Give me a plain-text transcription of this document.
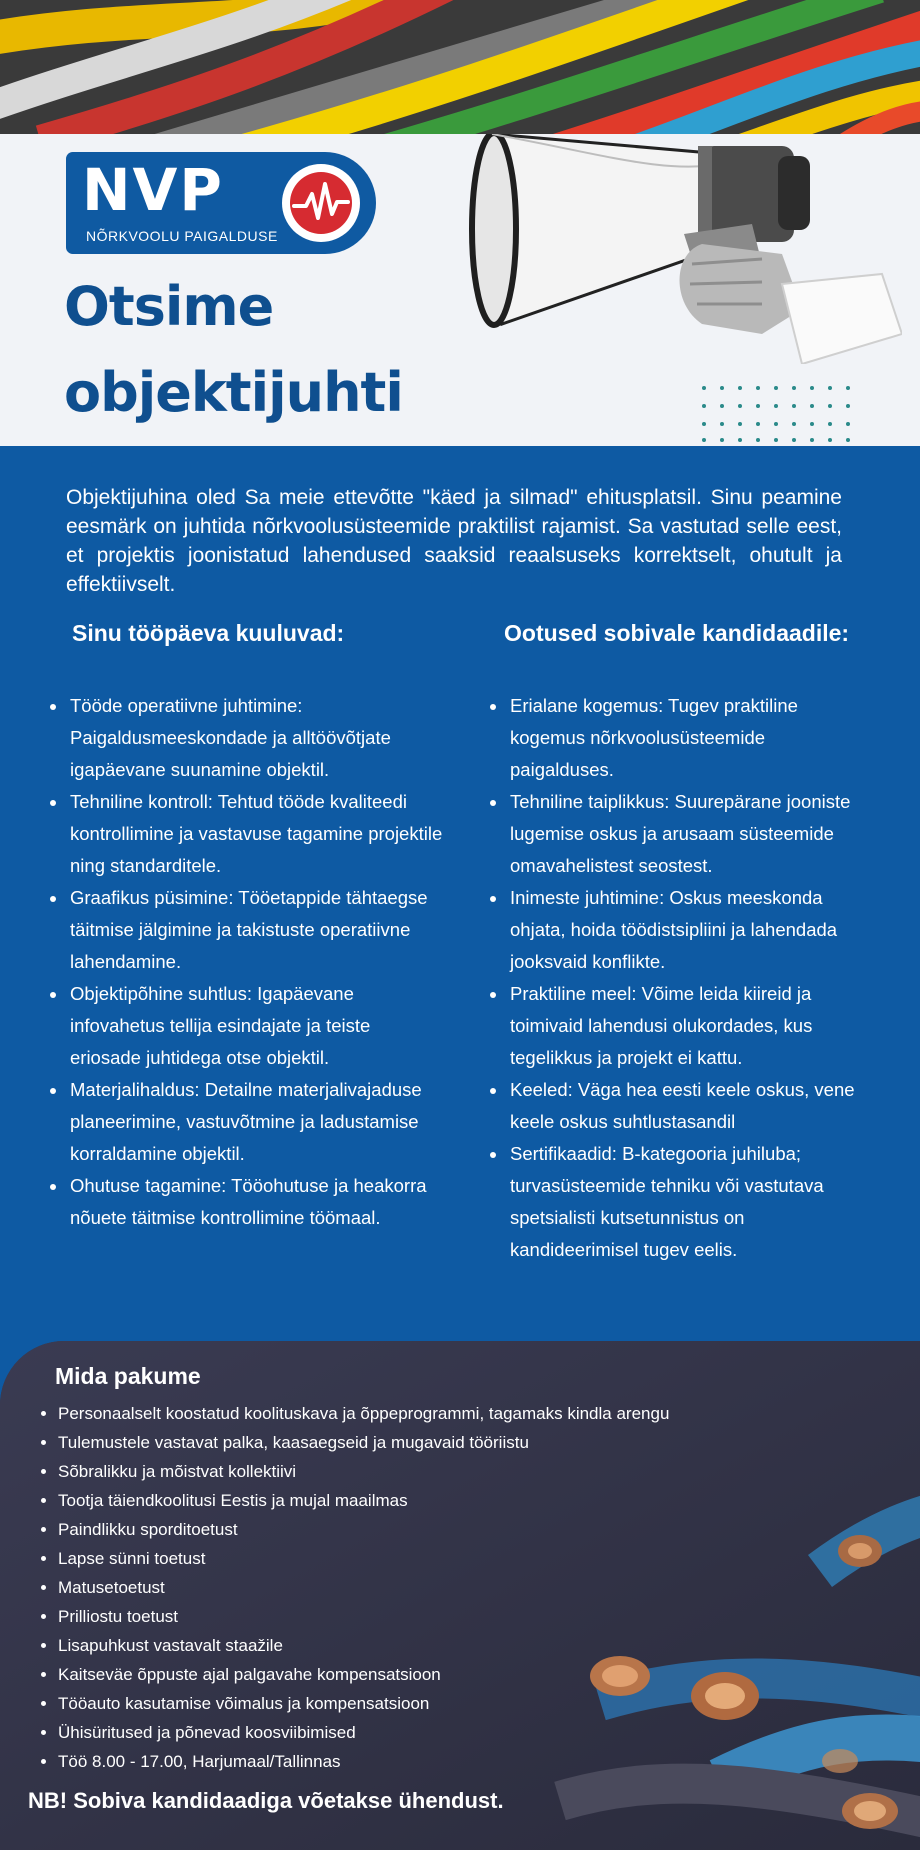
NVP
NÕRKVOOLU PAIGALDUSE
Otsime
objektijuhti

Objektijuhina oled Sa meie ettevõtte "käed ja silmad" ehitusplatsil. Sinu peamine eesmärk on juhtida nõrkvoolusüsteemide praktilist rajamist. Sa vastutad selle eest, et projektis joonistatud lahendused saaksid reaalsuseks korrektselt, ohutult ja effektiivselt.

Sinu tööpäeva kuuluvad:
• Tööde operatiivne juhtimine: Paigaldusmeeskondade ja alltöövõtjate igapäevane suunamine objektil.
• Tehniline kontroll: Tehtud tööde kvaliteedi kontrollimine ja vastavuse tagamine projektile ning standarditele.
• Graafikus püsimine: Tööetappide tähtaegse täitmise jälgimine ja takistuste operatiivne lahendamine.
• Objektipõhine suhtlus: Igapäevane infovahetus tellija esindajate ja teiste eriosade juhtidega otse objektil.
• Materjalihaldus: Detailne materjalivajaduse planeerimine, vastuvõtmine ja ladustamise korraldamine objektil.
• Ohutuse tagamine: Tööohutuse ja heakorra nõuete täitmise kontrollimine töömaal.
Ootused sobivale kandidaadile:
• Erialane kogemus: Tugev praktiline kogemus nõrkvoolusüsteemide paigalduses.
• Tehniline taiplikkus: Suurepärane jooniste lugemise oskus ja arusaam süsteemide omavahelistest seostest.
• Inimeste juhtimine: Oskus meeskonda ohjata, hoida töödistsipliini ja lahendada jooksvaid konflikte.
• Praktiline meel: Võime leida kiireid ja toimivaid lahendusi olukordades, kus tegelikkus ja projekt ei kattu.
• Keeled: Väga hea eesti keele oskus, vene keele oskus suhtlustasandil
• Sertifikaadid: B-kategooria juhiluba; turvasüsteemide tehniku või vastutava spetsialisti kutsetunnistus on kandideerimisel tugev eelis.
Mida pakume
• Personaalselt koostatud koolituskava ja õppeprogrammi, tagamaks kindla arengu
• Tulemustele vastavat palka, kaasaegseid ja mugavaid tööriistu
• Sõbralikku ja mõistvat kollektiivi
• Tootja täiendkoolitusi Eestis ja mujal maailmas
• Paindlikku sporditoetust
• Lapse sünni toetust
• Matusetoetust
• Prilliostu toetust
• Lisapuhkust vastavalt staažile
• Kaitseväe õppuste ajal palgavahe kompensatsioon
• Tööauto kasutamise võimalus ja kompensatsioon
• Ühisüritused ja põnevad koosviibimised
• Töö 8.00 - 17.00, Harjumaal/Tallinnas
NB! Sobiva kandidaadiga võetakse ühendust.
